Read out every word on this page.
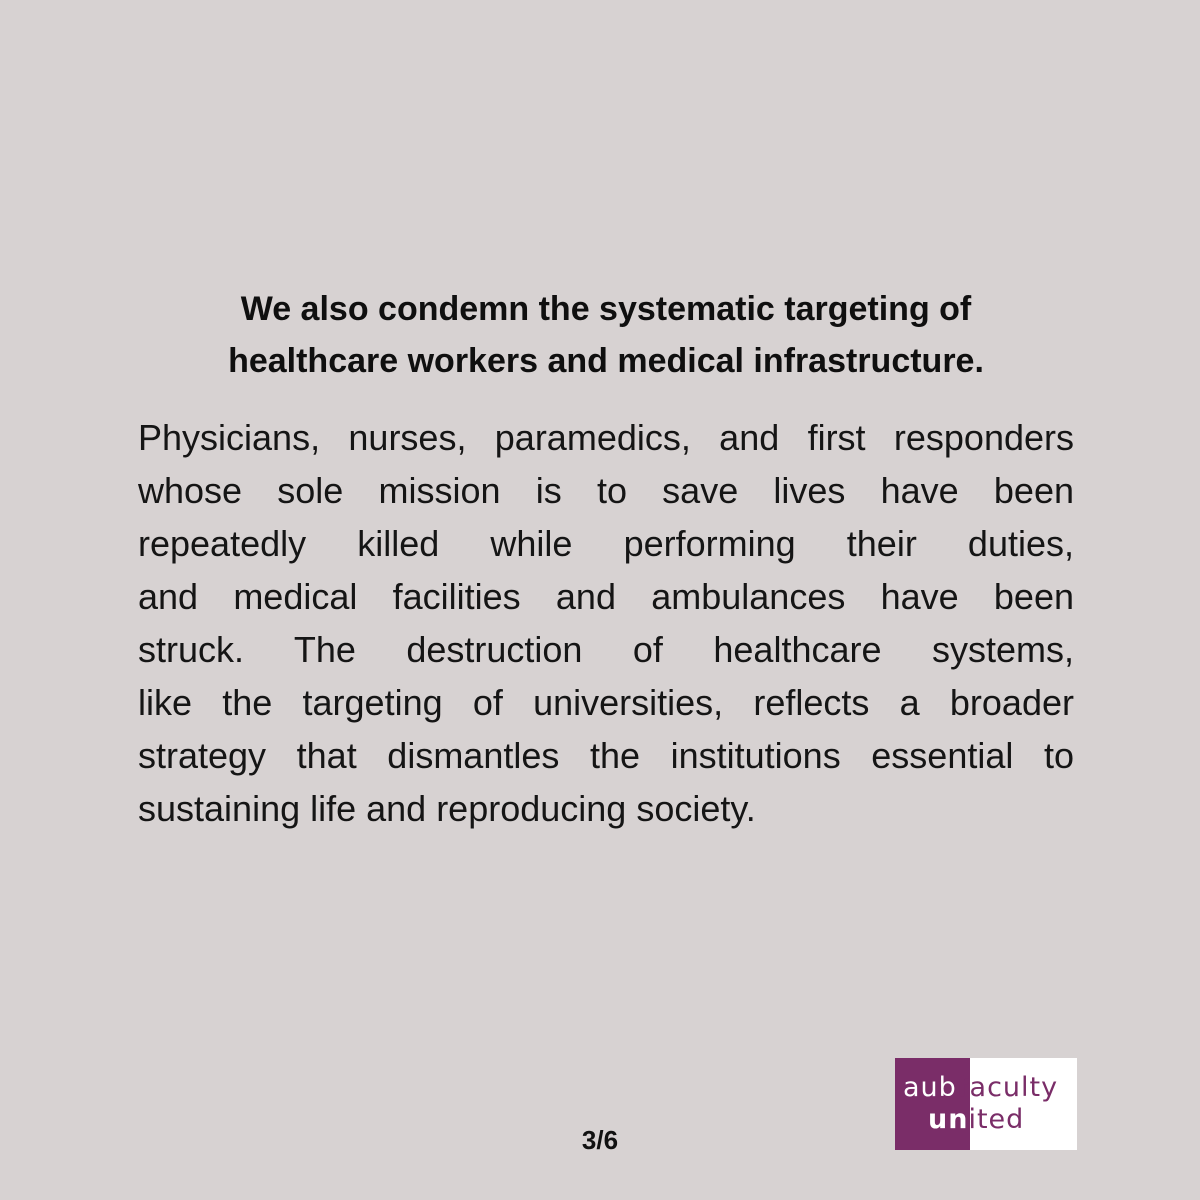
We also condemn the systematic targeting of
healthcare workers and medical infrastructure.

Physicians, nurses, paramedics, and first responders
whose sole mission is to save lives have been
repeatedly killed while performing their duties,
and medical facilities and ambulances have been
struck. The destruction of healthcare systems,
like the targeting of universities, reflects a broader
strategy that dismantles the institutions essential to
sustaining life and reproducing society.

3/6
aubfaculty
united
